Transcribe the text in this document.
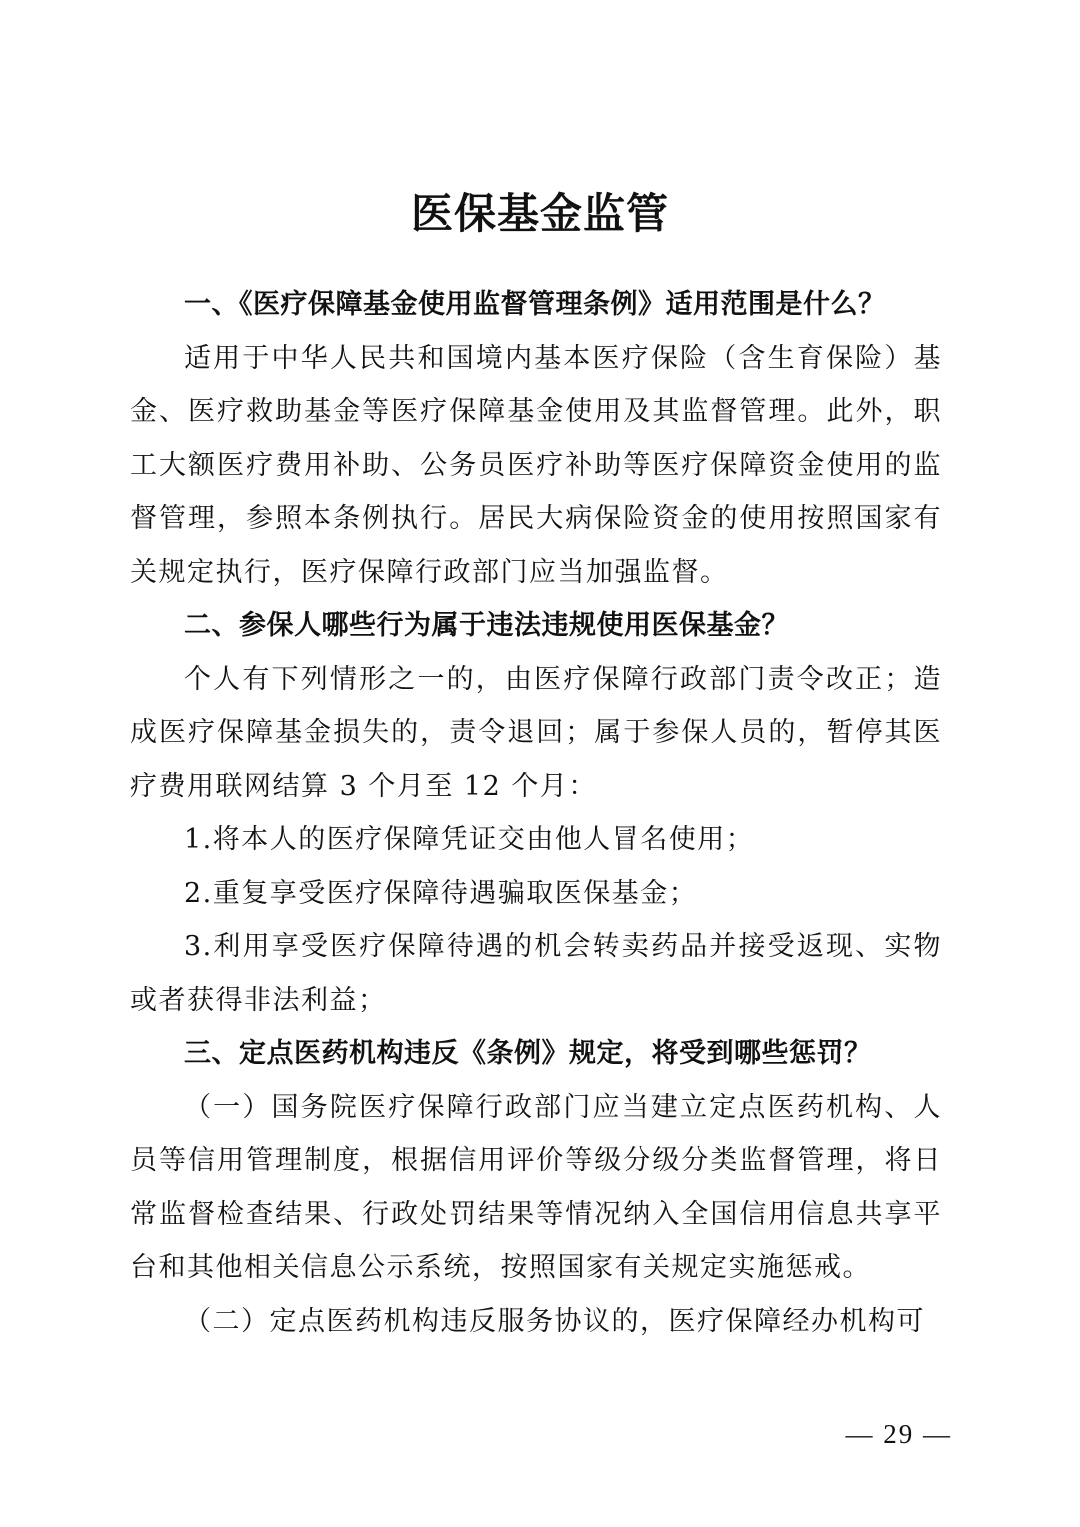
医保基金监管

一、《医疗保障基金使用监督管理条例》适用范围是什么？

适用于中华人民共和国境内基本医疗保险（含生育保险）基金、医疗救助基金等医疗保障基金使用及其监督管理。此外，职工大额医疗费用补助、公务员医疗补助等医疗保障资金使用的监督管理，参照本条例执行。居民大病保险资金的使用按照国家有关规定执行，医疗保障行政部门应当加强监督。

二、参保人哪些行为属于违法违规使用医保基金？

个人有下列情形之一的，由医疗保障行政部门责令改正；造成医疗保障基金损失的，责令退回；属于参保人员的，暂停其医疗费用联网结算 3 个月至 12 个月：

1.将本人的医疗保障凭证交由他人冒名使用；

2.重复享受医疗保障待遇骗取医保基金；

3.利用享受医疗保障待遇的机会转卖药品并接受返现、实物或者获得非法利益；

三、定点医药机构违反《条例》规定，将受到哪些惩罚？

（一）国务院医疗保障行政部门应当建立定点医药机构、人员等信用管理制度，根据信用评价等级分级分类监督管理，将日常监督检查结果、行政处罚结果等情况纳入全国信用信息共享平台和其他相关信息公示系统，按照国家有关规定实施惩戒。

（二）定点医药机构违反服务协议的，医疗保障经办机构可

— 29 —
